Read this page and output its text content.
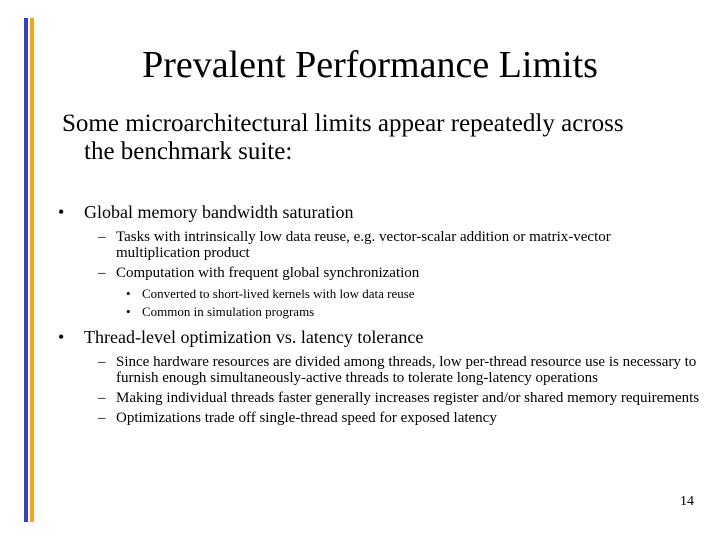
Prevalent Performance Limits
Some microarchitectural limits appear repeatedly across
the benchmark suite:
•	Global memory bandwidth saturation
– Tasks with intrinsically low data reuse, e.g. vector-scalar addition or matrix-vector multiplication product
– Computation with frequent global synchronization
• Converted to short-lived kernels with low data reuse
• Common in simulation programs
•	Thread-level optimization vs. latency tolerance
– Since hardware resources are divided among threads, low per-thread resource use is necessary to furnish enough simultaneously-active threads to tolerate long-latency operations
– Making individual threads faster generally increases register and/or shared memory requirements
– Optimizations trade off single-thread speed for exposed latency
14
